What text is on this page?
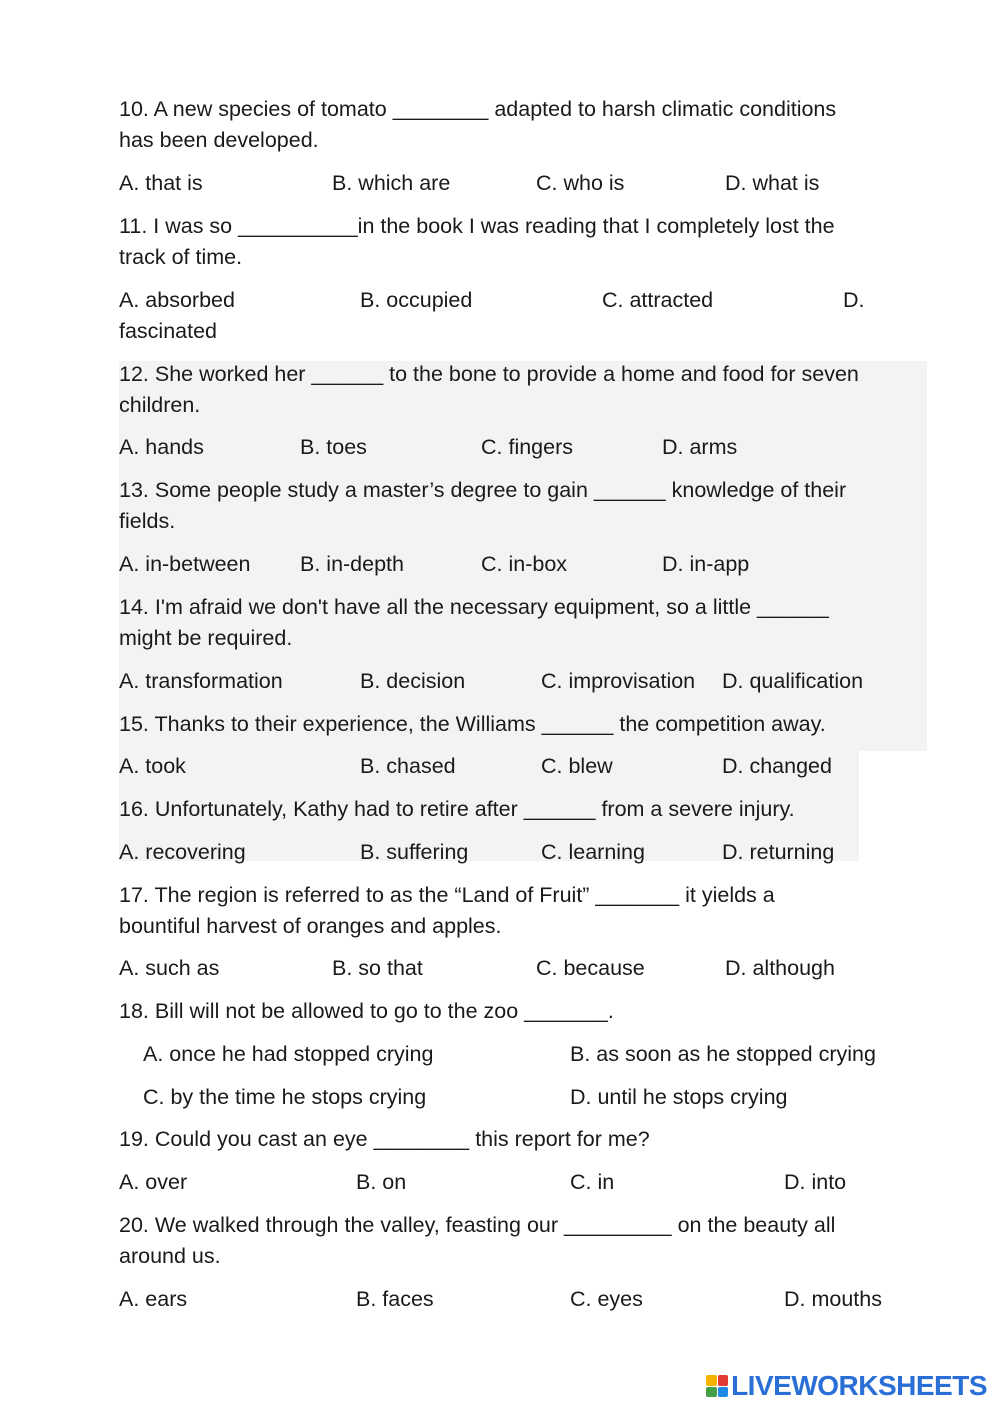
10. A new species of tomato ________ adapted to harsh climatic conditions
has been developed.
A. that is	B. which are	C. who is	D. what is
11. I was so __________in the book I was reading that I completely lost the
track of time.
A. absorbed	B. occupied	C. attracted	D.
fascinated
12. She worked her ______ to the bone to provide a home and food for seven
children.
A. hands	B. toes	C. fingers	D. arms
13. Some people study a master’s degree to gain ______ knowledge of their
fields.
A. in-between B. in-depth	C. in-box	D. in-app
14. I'm afraid we don't have all the necessary equipment, so a little ______
might be required.
A. transformation	B. decision	C. improvisation D. qualification
15. Thanks to their experience, the Williams ______ the competition away.
A. took	B. chased	C. blew	D. changed
16. Unfortunately, Kathy had to retire after ______ from a severe injury.
A. recovering	B. suffering	C. learning	D. returning
17. The region is referred to as the “Land of Fruit” _______ it yields a
bountiful harvest of oranges and apples.
A. such as	B. so that	C. because	D. although
18. Bill will not be allowed to go to the zoo _______.
A. once he had stopped crying	B. as soon as he stopped crying
C. by the time he stops crying	D. until he stops crying
19. Could you cast an eye ________ this report for me?
A. over	B. on	C. in	D. into
20. We walked through the valley, feasting our _________ on the beauty all
around us.
A. ears	B. faces	C. eyes	D. mouths
LIVEWORKSHEETS
